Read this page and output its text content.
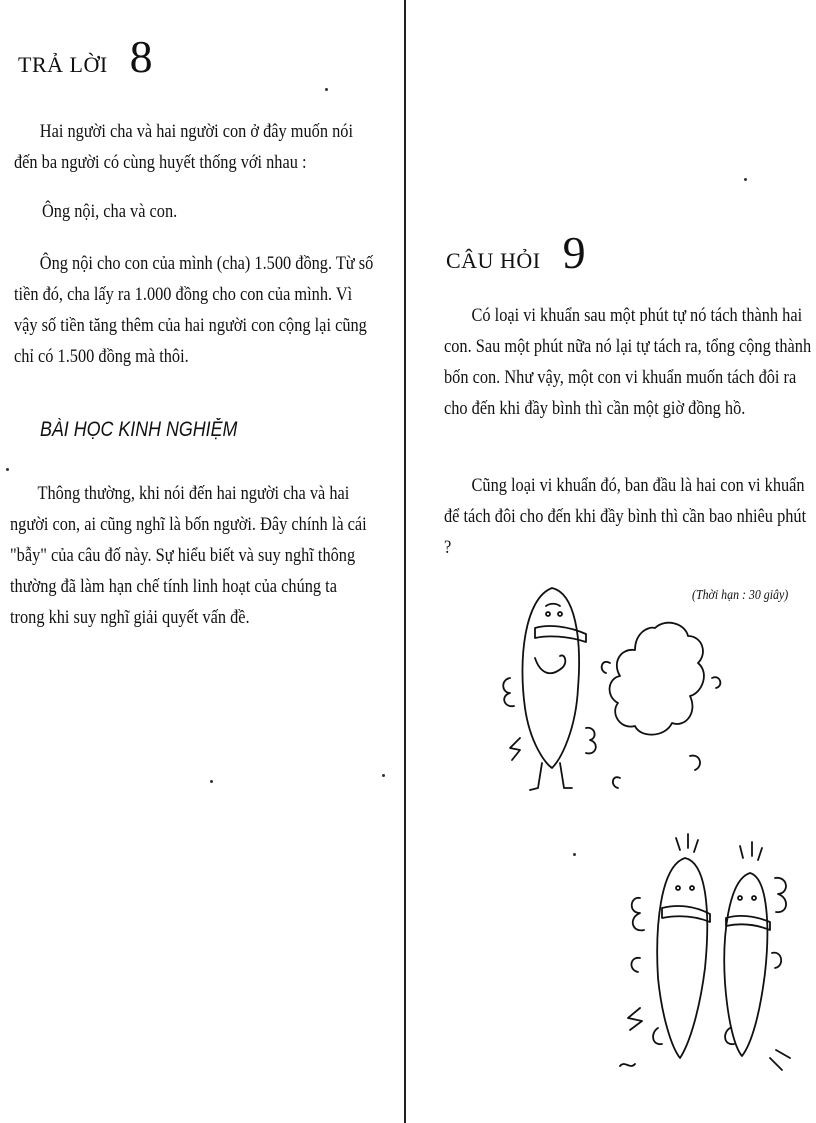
TRẢ LỜI 8

Hai người cha và hai người con ở đây muốn nói đến ba người có cùng huyết thống với nhau :

Ông nội, cha và con.

Ông nội cho con của mình (cha) 1.500 đồng. Từ số tiền đó, cha lấy ra 1.000 đồng cho con của mình. Vì vậy số tiền tăng thêm của hai người con cộng lại cũng chỉ có 1.500 đồng mà thôi.

BÀI HỌC KINH NGHIỆM

Thông thường, khi nói đến hai người cha và hai người con, ai cũng nghĩ là bốn người. Đây chính là cái "bẫy" của câu đố này. Sự hiểu biết và suy nghĩ thông thường đã làm hạn chế tính linh hoạt của chúng ta trong khi suy nghĩ giải quyết vấn đề.

CÂU HỎI 9

Có loại vi khuẩn sau một phút tự nó tách thành hai con. Sau một phút nữa nó lại tự tách ra, tổng cộng thành bốn con. Như vậy, một con vi khuẩn muốn tách đôi ra cho đến khi đầy bình thì cần một giờ đồng hồ.

Cũng loại vi khuẩn đó, ban đầu là hai con vi khuẩn để tách đôi cho đến khi đầy bình thì cần bao nhiêu phút ?

(Thời hạn : 30 giây)
